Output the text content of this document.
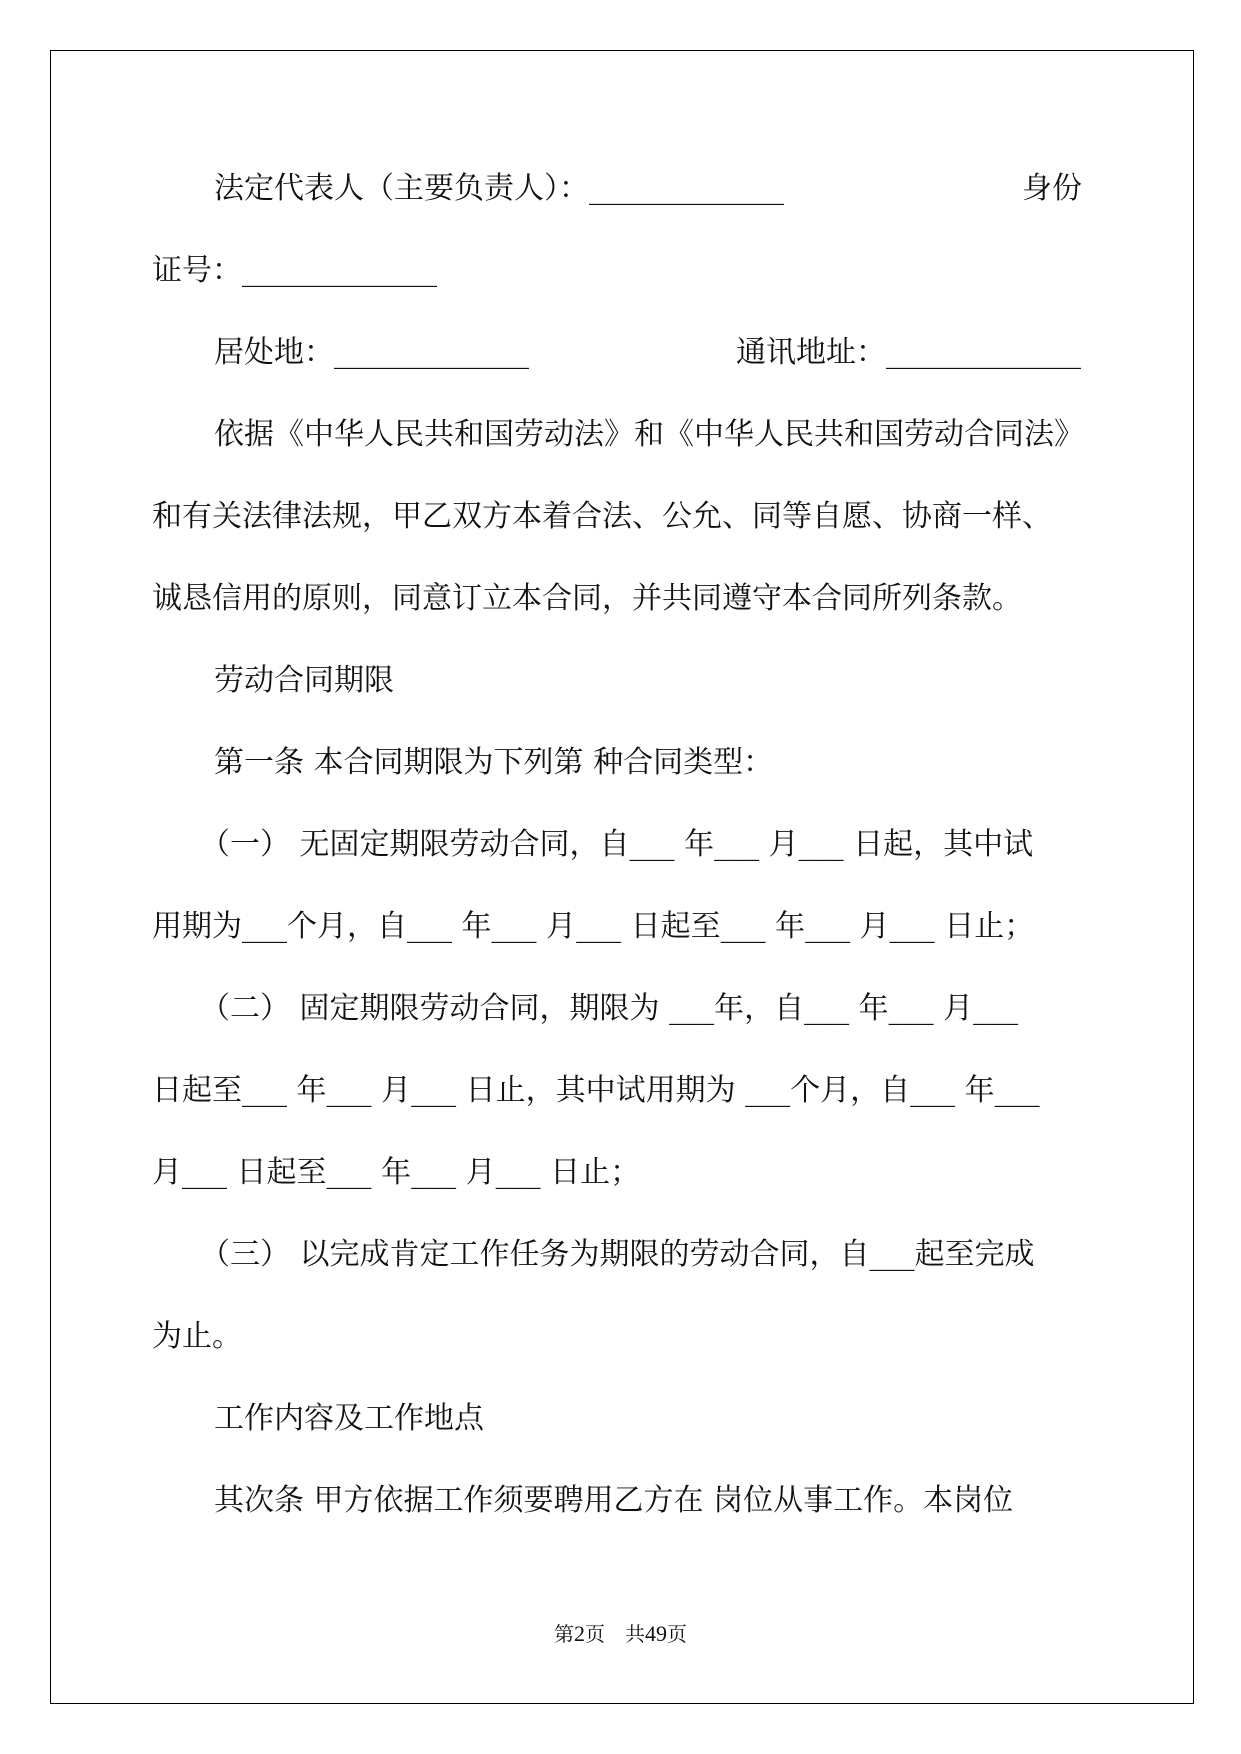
法定代表人（主要负责人）：_____________	身份
证号：_____________
居处地：_____________	通讯地址：_____________
依据《中华人民共和国劳动法》和《中华人民共和国劳动合同法》
和有关法律法规，甲乙双方本着合法、公允、同等自愿、协商一样、
诚恳信用的原则，同意订立本合同，并共同遵守本合同所列条款。
劳动合同期限
第一条 本合同期限为下列第 种合同类型：
（一） 无固定期限劳动合同，自___ 年___ 月___ 日起，其中试
用期为___个月，自___ 年___ 月___ 日起至___ 年___ 月___ 日止；
（二） 固定期限劳动合同，期限为 ___年，自___ 年___ 月___
日起至___ 年___ 月___ 日止，其中试用期为 ___个月，自___ 年___
月___ 日起至___ 年___ 月___ 日止；
（三） 以完成肯定工作任务为期限的劳动合同，自___起至完成
为止。
工作内容及工作地点
其次条 甲方依据工作须要聘用乙方在 岗位从事工作。本岗位
第2页　共49页
